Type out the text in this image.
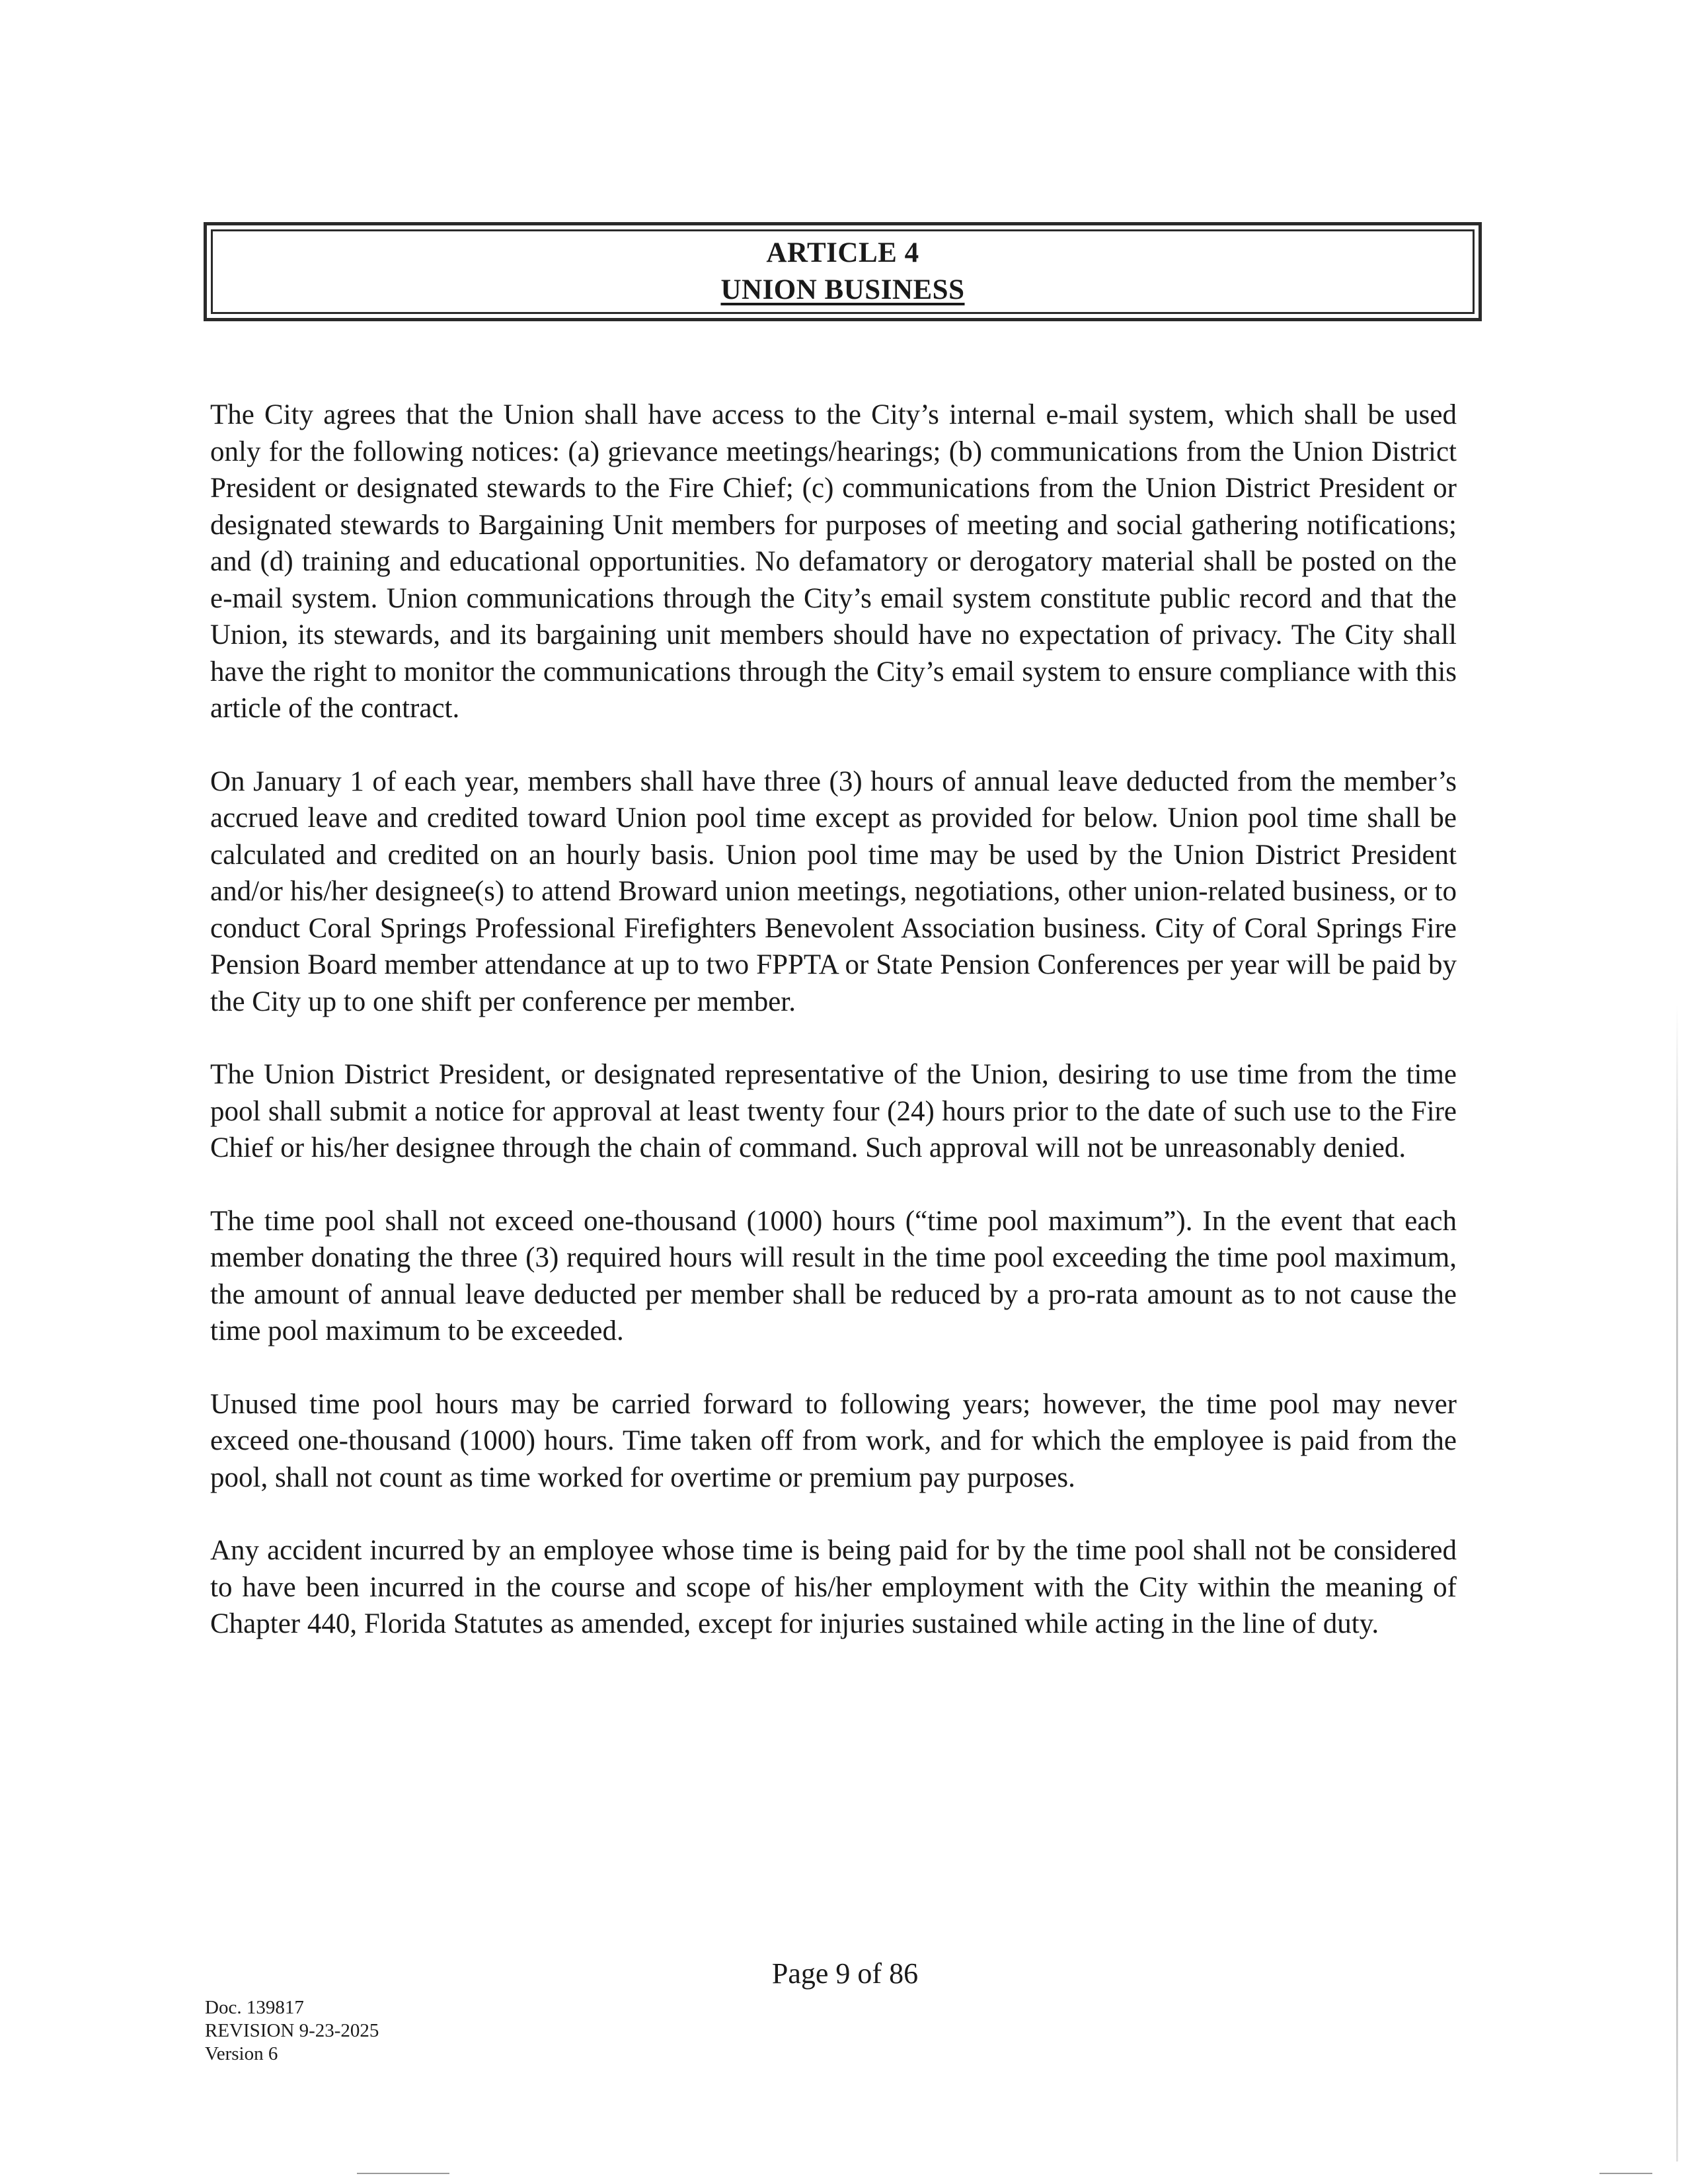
ARTICLE 4
UNION BUSINESS

The City agrees that the Union shall have access to the City’s internal e-mail system, which shall be used only for the following notices: (a) grievance meetings/hearings; (b) communications from the Union District President or designated stewards to the Fire Chief; (c) communications from the Union District President or designated stewards to Bargaining Unit members for purposes of meeting and social gathering notifications; and (d) training and educational opportunities. No defamatory or derogatory material shall be posted on the e-mail system. Union communications through the City’s email system constitute public record and that the Union, its stewards, and its bargaining unit members should have no expectation of privacy. The City shall have the right to monitor the communications through the City’s email system to ensure compliance with this article of the contract.

On January 1 of each year, members shall have three (3) hours of annual leave deducted from the member’s accrued leave and credited toward Union pool time except as provided for below. Union pool time shall be calculated and credited on an hourly basis. Union pool time may be used by the Union District President and/or his/her designee(s) to attend Broward union meetings, negotiations, other union-related business, or to conduct Coral Springs Professional Firefighters Benevolent Association business. City of Coral Springs Fire Pension Board member attendance at up to two FPPTA or State Pension Conferences per year will be paid by the City up to one shift per conference per member.

The Union District President, or designated representative of the Union, desiring to use time from the time pool shall submit a notice for approval at least twenty four (24) hours prior to the date of such use to the Fire Chief or his/her designee through the chain of command. Such approval will not be unreasonably denied.

The time pool shall not exceed one-thousand (1000) hours (“time pool maximum”). In the event that each member donating the three (3) required hours will result in the time pool exceeding the time pool maximum, the amount of annual leave deducted per member shall be reduced by a pro-rata amount as to not cause the time pool maximum to be exceeded.

Unused time pool hours may be carried forward to following years; however, the time pool may never exceed one-thousand (1000) hours. Time taken off from work, and for which the employee is paid from the pool, shall not count as time worked for overtime or premium pay purposes.

Any accident incurred by an employee whose time is being paid for by the time pool shall not be considered to have been incurred in the course and scope of his/her employment with the City within the meaning of Chapter 440, Florida Statutes as amended, except for injuries sustained while acting in the line of duty.

Page 9 of 86
Doc. 139817
REVISION 9-23-2025
Version 6
